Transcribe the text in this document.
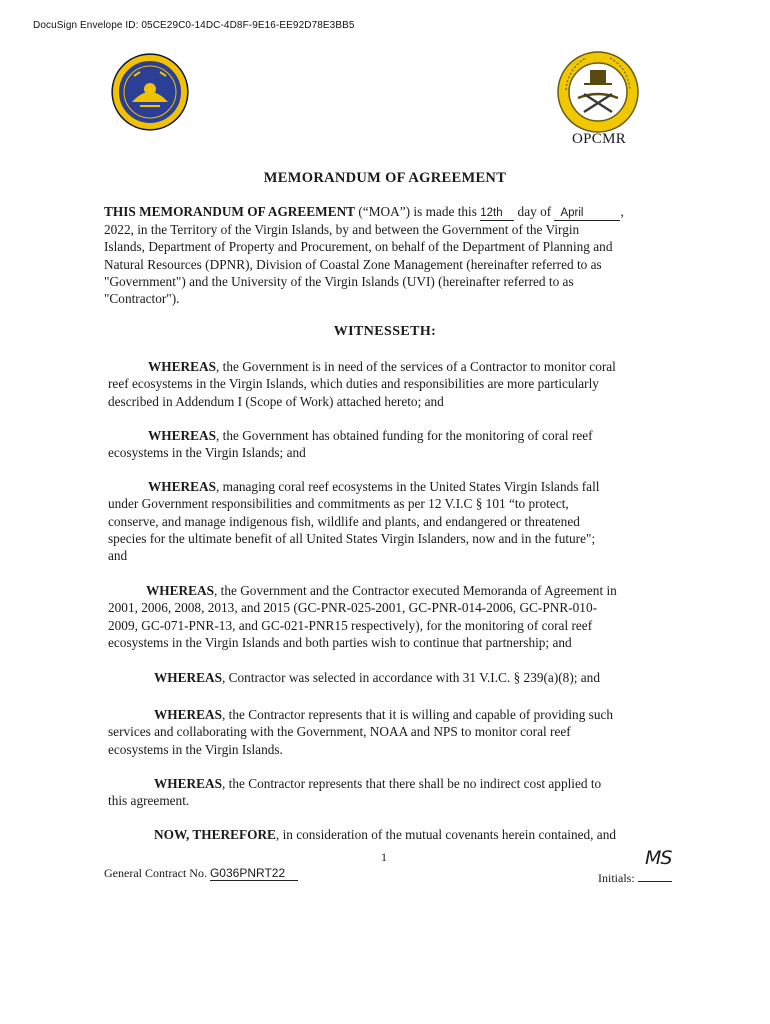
DocuSign Envelope ID: 05CE29C0-14DC-4D8F-9E16-EE92D78E3BB5
OPCMR
MEMORANDUM OF AGREEMENT
THIS MEMORANDUM OF AGREEMENT (“MOA”) is made this 12th day of April	,
2022, in the Territory of the Virgin Islands, by and between the Government of the Virgin
Islands, Department of Property and Procurement, on behalf of the Department of Planning and
Natural Resources (DPNR), Division of Coastal Zone Management (hereinafter referred to as
"Government") and the University of the Virgin Islands (UVI) (hereinafter referred to as
"Contractor").
WITNESSETH:
WHEREAS, the Government is in need of the services of a Contractor to monitor coral
reef ecosystems in the Virgin Islands, which duties and responsibilities are more particularly
described in Addendum I (Scope of Work) attached hereto; and
WHEREAS, the Government has obtained funding for the monitoring of coral reef
ecosystems in the Virgin Islands; and
WHEREAS, managing coral reef ecosystems in the United States Virgin Islands fall
under Government responsibilities and commitments as per 12 V.I.C § 101 “to protect,
conserve, and manage indigenous fish, wildlife and plants, and endangered or threatened
species for the ultimate benefit of all United States Virgin Islanders, now and in the future";
and
WHEREAS, the Government and the Contractor executed Memoranda of Agreement in
2001, 2006, 2008, 2013, and 2015 (GC-PNR-025-2001, GC-PNR-014-2006, GC-PNR-010-
2009, GC-071-PNR-13, and GC-021-PNR15 respectively), for the monitoring of coral reef
ecosystems in the Virgin Islands and both parties wish to continue that partnership; and
WHEREAS, Contractor was selected in accordance with 31 V.I.C. § 239(a)(8); and
WHEREAS, the Contractor represents that it is willing and capable of providing such
services and collaborating with the Government, NOAA and NPS to monitor coral reef
ecosystems in the Virgin Islands.
WHEREAS, the Contractor represents that there shall be no indirect cost applied to
this agreement.
NOW, THEREFORE, in consideration of the mutual covenants herein contained, and
1
General Contract No. G036PNRT22
MS
Initials:
